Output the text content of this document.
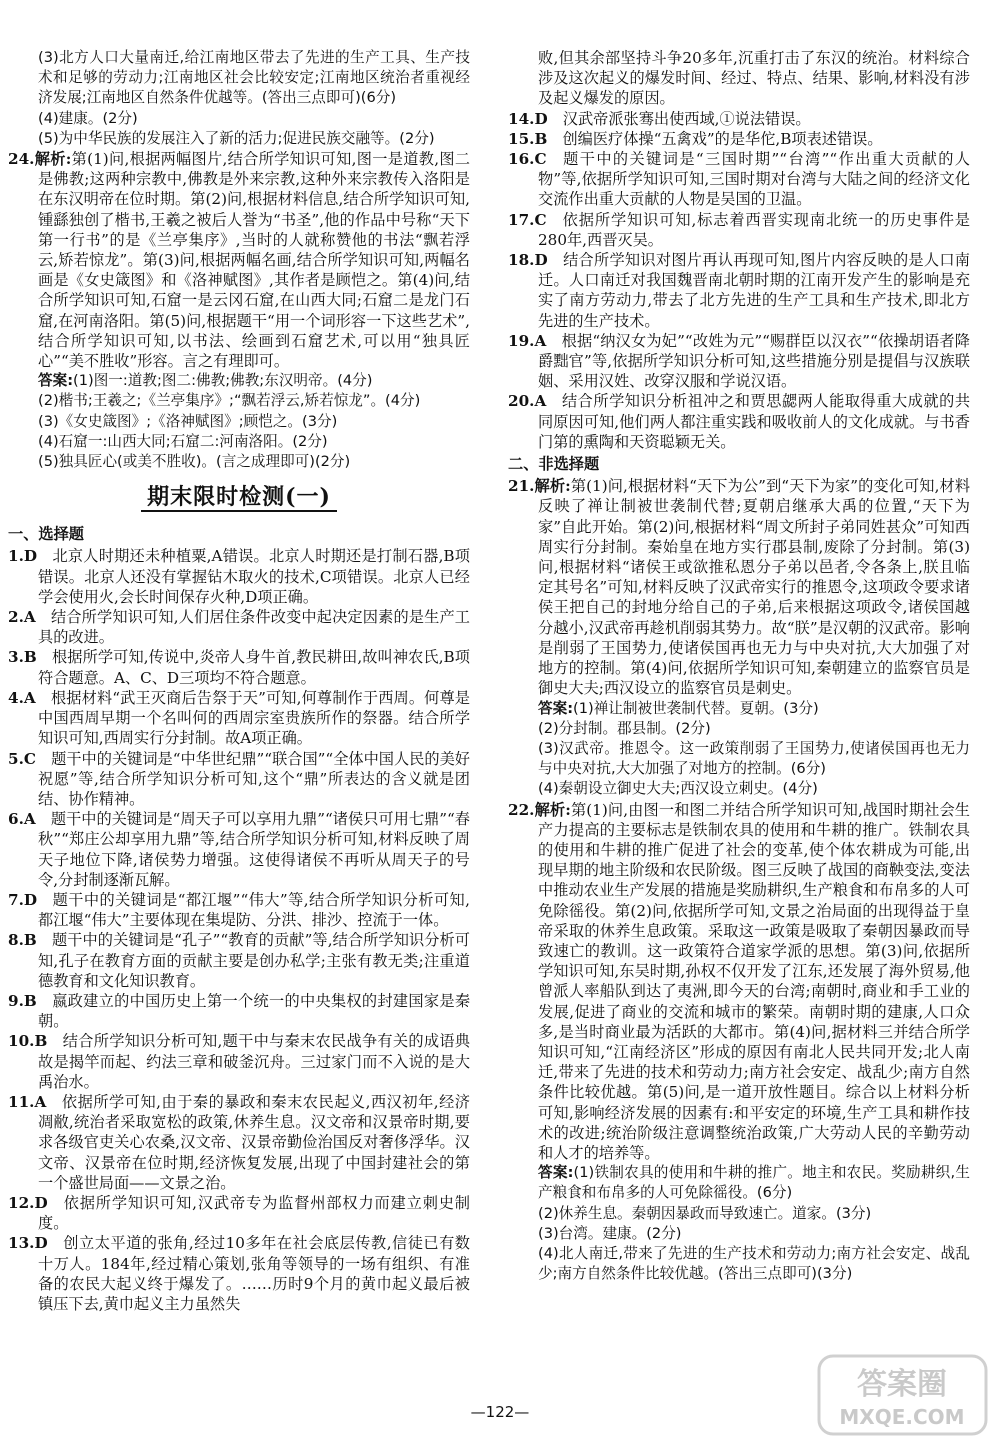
(3)北方人口大量南迁,给江南地区带去了先进的生产工具、生产技术和足够的劳动力;江南地区社会比较安定;江南地区统治者重视经济发展;江南地区自然条件优越等。(答出三点即可)(6分)
(4)建康。(2分)
(5)为中华民族的发展注入了新的活力;促进民族交融等。(2分)
24.解析:第(1)问,根据两幅图片,结合所学知识可知,图一是道教,图二是佛教;这两种宗教中,佛教是外来宗教,这种外来宗教传入洛阳是在东汉明帝在位时期。第(2)问,根据材料信息,结合所学知识可知,锺繇独创了楷书,王羲之被后人誉为“书圣”,他的作品中号称“天下第一行书”的是《兰亭集序》,当时的人就称赞他的书法“飘若浮云,矫若惊龙”。第(3)问,根据两幅名画,结合所学知识可知,两幅名画是《女史箴图》和《洛神赋图》,其作者是顾恺之。第(4)问,结合所学知识可知,石窟一是云冈石窟,在山西大同;石窟二是龙门石窟,在河南洛阳。第(5)问,根据题干“用一个词形容一下这些艺术”,结合所学知识可知,以书法、绘画到石窟艺术,可以用“独具匠心”“美不胜收”形容。言之有理即可。
答案:(1)图一:道教;图二:佛教;佛教;东汉明帝。(4分)
(2)楷书;王羲之;《兰亭集序》;“飘若浮云,矫若惊龙”。(4分)
(3)《女史箴图》;《洛神赋图》;顾恺之。(3分)
(4)石窟一:山西大同;石窟二:河南洛阳。(2分)
(5)独具匠心(或美不胜收)。(言之成理即可)(2分)
期末限时检测(一)
一、选择题
1.D  北京人时期还未种植粟,A错误。北京人时期还是打制石器,B项错误。北京人还没有掌握钻木取火的技术,C项错误。北京人已经学会使用火,会长时间保存火种,D项正确。
2.A  结合所学知识可知,人们居住条件改变中起决定因素的是生产工具的改进。
3.B  根据所学可知,传说中,炎帝人身牛首,教民耕田,故叫神农氏,B项符合题意。A、C、D三项均不符合题意。
4.A  根据材料“武王灭商后告祭于天”可知,何尊制作于西周。何尊是中国西周早期一个名叫何的西周宗室贵族所作的祭器。结合所学知识可知,西周实行分封制。故A项正确。
5.C  题干中的关键词是“中华世纪鼎”“联合国”“全体中国人民的美好祝愿”等,结合所学知识分析可知,这个“鼎”所表达的含义就是团结、协作精神。
6.A  题干中的关键词是“周天子可以享用九鼎”“诸侯只可用七鼎”“春秋”“郑庄公却享用九鼎”等,结合所学知识分析可知,材料反映了周天子地位下降,诸侯势力增强。这使得诸侯不再听从周天子的号令,分封制逐渐瓦解。
7.D  题干中的关键词是“都江堰”“伟大”等,结合所学知识分析可知,都江堰“伟大”主要体现在集堤防、分洪、排沙、控流于一体。
8.B  题干中的关键词是“孔子”“教育的贡献”等,结合所学知识分析可知,孔子在教育方面的贡献主要是创办私学;主张有教无类;注重道德教育和文化知识教育。
9.B  嬴政建立的中国历史上第一个统一的中央集权的封建国家是秦朝。
10.B  结合所学知识分析可知,题干中与秦末农民战争有关的成语典故是揭竿而起、约法三章和破釜沉舟。三过家门而不入说的是大禹治水。
11.A  依据所学可知,由于秦的暴政和秦末农民起义,西汉初年,经济凋敝,统治者采取宽松的政策,休养生息。汉文帝和汉景帝时期,要求各级官吏关心农桑,汉文帝、汉景帝勤俭治国反对奢侈浮华。汉文帝、汉景帝在位时期,经济恢复发展,出现了中国封建社会的第一个盛世局面——文景之治。
12.D  依据所学知识可知,汉武帝专为监督州部权力而建立刺史制度。
13.D  创立太平道的张角,经过10多年在社会底层传教,信徒已有数十万人。184年,经过精心策划,张角等领导的一场有组织、有准备的农民大起义终于爆发了。……历时9个月的黄巾起义最后被镇压下去,黄巾起义主力虽然失
败,但其余部坚持斗争20多年,沉重打击了东汉的统治。材料综合涉及这次起义的爆发时间、经过、特点、结果、影响,材料没有涉及起义爆发的原因。
14.D  汉武帝派张骞出使西域,①说法错误。
15.B  创编医疗体操“五禽戏”的是华佗,B项表述错误。
16.C  题干中的关键词是“三国时期”“台湾”“作出重大贡献的人物”等,依据所学知识可知,三国时期对台湾与大陆之间的经济文化交流作出重大贡献的人物是吴国的卫温。
17.C  依据所学知识可知,标志着西晋实现南北统一的历史事件是280年,西晋灭吴。
18.D  结合所学知识对图片再认再现可知,图片内容反映的是人口南迁。人口南迁对我国魏晋南北朝时期的江南开发产生的影响是充实了南方劳动力,带去了北方先进的生产工具和生产技术,即北方先进的生产技术。
19.A  根据“纳汉女为妃”“改姓为元”“赐群臣以汉衣”“依操胡语者降爵黜官”等,依据所学知识分析可知,这些措施分别是提倡与汉族联姻、采用汉姓、改穿汉服和学说汉语。
20.A  结合所学知识分析祖冲之和贾思勰两人能取得重大成就的共同原因可知,他们两人都注重实践和吸收前人的文化成就。与书香门第的熏陶和天资聪颖无关。
二、非选择题
21.解析:第(1)问,根据材料“天下为公”到“天下为家”的变化可知,材料反映了禅让制被世袭制代替;夏朝启继承大禹的位置,“天下为家”自此开始。第(2)问,根据材料“周文所封子弟同姓甚众”可知西周实行分封制。秦始皇在地方实行郡县制,废除了分封制。第(3)问,根据材料“诸侯王或欲推私恩分子弟以邑者,令各条上,朕且临定其号名”可知,材料反映了汉武帝实行的推恩令,这项政令要求诸侯王把自己的封地分给自己的子弟,后来根据这项政令,诸侯国越分越小,汉武帝再趁机削弱其势力。故“朕”是汉朝的汉武帝。影响是削弱了王国势力,使诸侯国再也无力与中央对抗,大大加强了对地方的控制。第(4)问,依据所学知识可知,秦朝建立的监察官员是御史大夫;西汉设立的监察官员是刺史。
答案:(1)禅让制被世袭制代替。夏朝。(3分)
(2)分封制。郡县制。(2分)
(3)汉武帝。推恩令。这一政策削弱了王国势力,使诸侯国再也无力与中央对抗,大大加强了对地方的控制。(6分)
(4)秦朝设立御史大夫;西汉设立刺史。(4分)
22.解析:第(1)问,由图一和图二并结合所学知识可知,战国时期社会生产力提高的主要标志是铁制农具的使用和牛耕的推广。铁制农具的使用和牛耕的推广促进了社会的变革,使个体农耕成为可能,出现早期的地主阶级和农民阶级。图三反映了战国的商鞅变法,变法中推动农业生产发展的措施是奖励耕织,生产粮食和布帛多的人可免除徭役。第(2)问,依据所学可知,文景之治局面的出现得益于皇帝采取的休养生息政策。采取这一政策是吸取了秦朝因暴政而导致速亡的教训。这一政策符合道家学派的思想。第(3)问,依据所学知识可知,东吴时期,孙权不仅开发了江东,还发展了海外贸易,他曾派人率船队到达了夷洲,即今天的台湾;南朝时,商业和手工业的发展,促进了商业的交流和城市的繁荣。南朝时期的建康,人口众多,是当时商业最为活跃的大都市。第(4)问,据材料三并结合所学知识可知,“江南经济区”形成的原因有南北人民共同开发;北人南迁,带来了先进的技术和劳动力;南方社会安定、战乱少;南方自然条件比较优越。第(5)问,是一道开放性题目。综合以上材料分析可知,影响经济发展的因素有:和平安定的环境,生产工具和耕作技术的改进;统治阶级注意调整统治政策,广大劳动人民的辛勤劳动和人才的培养等。
答案:(1)铁制农具的使用和牛耕的推广。地主和农民。奖励耕织,生产粮食和布帛多的人可免除徭役。(6分)
(2)休养生息。秦朝因暴政而导致速亡。道家。(3分)
(3)台湾。建康。(2分)
(4)北人南迁,带来了先进的生产技术和劳动力;南方社会安定、战乱少;南方自然条件比较优越。(答出三点即可)(3分)
—122—
答案圈
MXQE.COM
